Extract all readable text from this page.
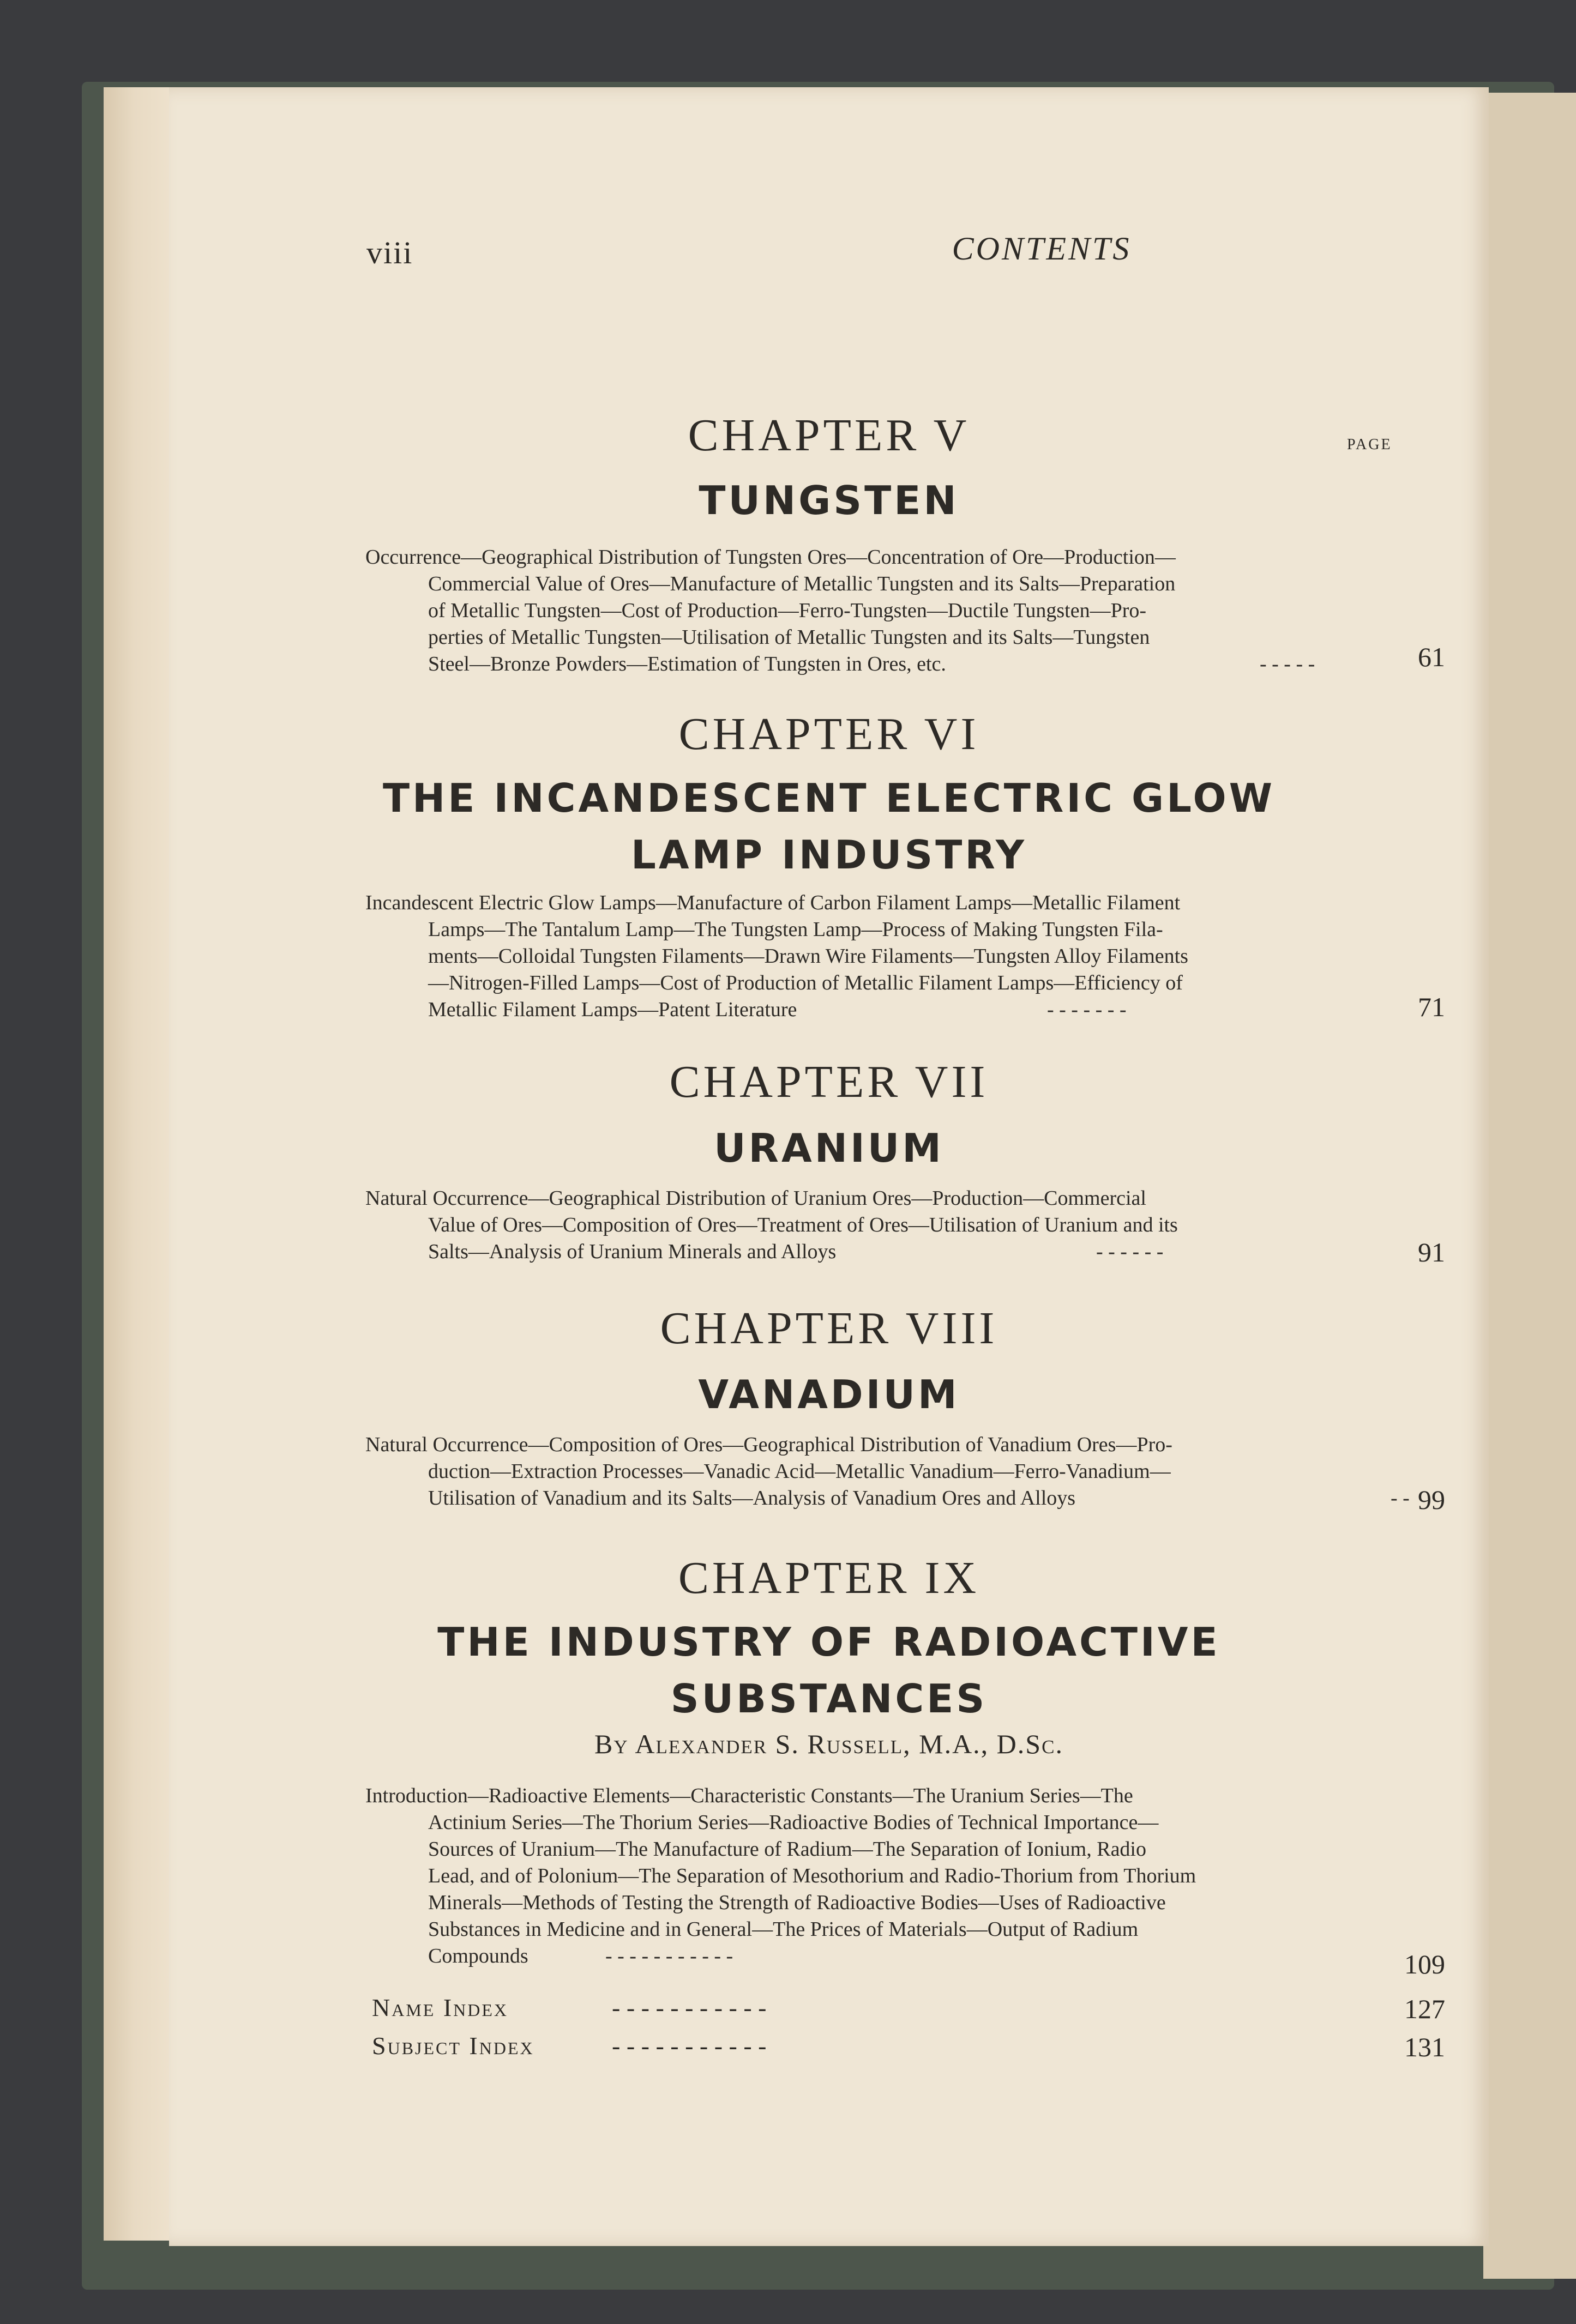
viii	CONTENTS
PAGE
CHAPTER V
TUNGSTEN
Occurrence—Geographical Distribution of Tungsten Ores—Concentration of Ore—Production—
Commercial Value of Ores—Manufacture of Metallic Tungsten and its Salts—Preparation
of Metallic Tungsten—Cost of Production—Ferro-Tungsten—Ductile Tungsten—Pro-
perties of Metallic Tungsten—Utilisation of Metallic Tungsten and its Salts—Tungsten
Steel—Bronze Powders—Estimation of Tungsten in Ores, etc.	- - - - -	61
CHAPTER VI
THE INCANDESCENT ELECTRIC GLOW
LAMP INDUSTRY
Incandescent Electric Glow Lamps—Manufacture of Carbon Filament Lamps—Metallic Filament
Lamps—The Tantalum Lamp—The Tungsten Lamp—Process of Making Tungsten Fila-
ments—Colloidal Tungsten Filaments—Drawn Wire Filaments—Tungsten Alloy Filaments
—Nitrogen-Filled Lamps—Cost of Production of Metallic Filament Lamps—Efficiency of
Metallic Filament Lamps—Patent Literature	- - - - - - -	71
CHAPTER VII
URANIUM
Natural Occurrence—Geographical Distribution of Uranium Ores—Production—Commercial
Value of Ores—Composition of Ores—Treatment of Ores—Utilisation of Uranium and its
Salts—Analysis of Uranium Minerals and Alloys	- - - - - -	91
CHAPTER VIII
VANADIUM
Natural Occurrence—Composition of Ores—Geographical Distribution of Vanadium Ores—Pro-
duction—Extraction Processes—Vanadic Acid—Metallic Vanadium—Ferro-Vanadium—
Utilisation of Vanadium and its Salts—Analysis of Vanadium Ores and Alloys	- - 99
CHAPTER IX
THE INDUSTRY OF RADIOACTIVE
SUBSTANCES
By Alexander S. Russell, M.A., D.Sc.
Introduction—Radioactive Elements—Characteristic Constants—The Uranium Series—The
Actinium Series—The Thorium Series—Radioactive Bodies of Technical Importance—
Sources of Uranium—The Manufacture of Radium—The Separation of Ionium, Radio
Lead, and of Polonium—The Separation of Mesothorium and Radio-Thorium from Thorium
Minerals—Methods of Testing the Strength of Radioactive Bodies—Uses of Radioactive
Substances in Medicine and in General—The Prices of Materials—Output of Radium
Compounds	- - - - - - - - - - -	109
Name Index	- - - - - - - - - - -	127
Subject Index	- - - - - - - - - - -	131
